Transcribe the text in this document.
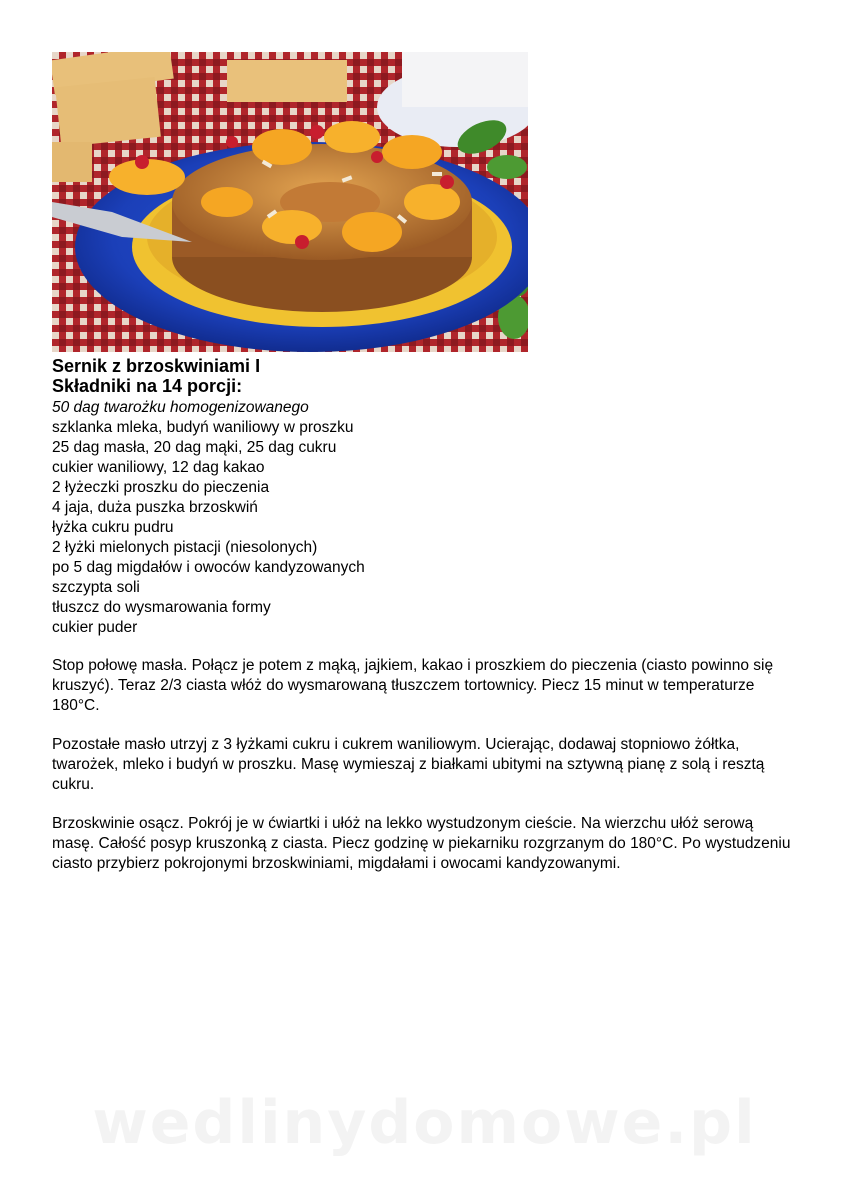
Sernik z brzoskwiniami I
Składniki na 14 porcji:
50 dag twarożku homogenizowanego
szklanka mleka, budyń waniliowy w proszku
25 dag masła, 20 dag mąki, 25 dag cukru
cukier waniliowy, 12 dag kakao
2 łyżeczki proszku do pieczenia
4 jaja, duża puszka brzoskwiń
łyżka cukru pudru
2 łyżki mielonych pistacji (niesolonych)
po 5 dag migdałów i owoców kandyzowanych
szczypta soli
tłuszcz do wysmarowania formy
cukier puder

Stop połowę masła. Połącz je potem z mąką, jajkiem, kakao i proszkiem do pieczenia (ciasto powinno się kruszyć). Teraz 2/3 ciasta włóż do wysmarowaną tłuszczem tortownicy. Piecz 15 minut w temperaturze 180°C.

Pozostałe masło utrzyj z 3 łyżkami cukru i cukrem waniliowym. Ucierając, dodawaj stopniowo żółtka, twarożek, mleko i budyń w proszku. Masę wymieszaj z białkami ubitymi na sztywną pianę z solą i resztą cukru.

Brzoskwinie osącz. Pokrój je w ćwiartki i ułóż na lekko wystudzonym cieście. Na wierzchu ułóż serową masę. Całość posyp kruszonką z ciasta. Piecz godzinę w piekarniku rozgrzanym do 180°C. Po wystudzeniu ciasto przybierz pokrojonymi brzoskwiniami, migdałami i owocami kandyzowanymi.

wedlinydomowe.pl
